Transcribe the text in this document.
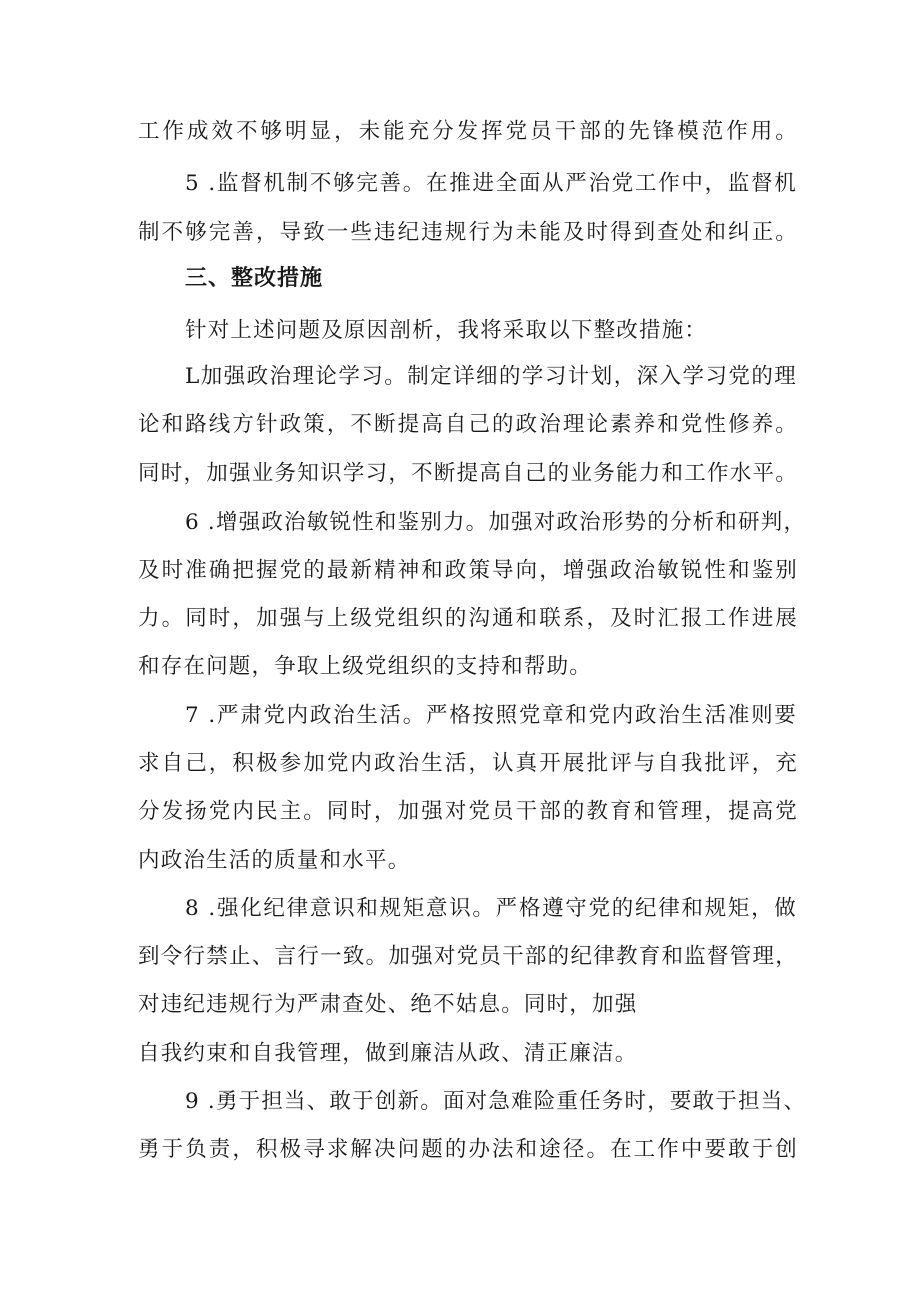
工作成效不够明显，未能充分发挥党员干部的先锋模范作用。
5 .监督机制不够完善。在推进全面从严治党工作中，监督机
制不够完善，导致一些违纪违规行为未能及时得到查处和纠正。
三、整改措施
针对上述问题及原因剖析，我将采取以下整改措施：
L加强政治理论学习。制定详细的学习计划，深入学习党的理
论和路线方针政策，不断提高自己的政治理论素养和党性修养。
同时，加强业务知识学习，不断提高自己的业务能力和工作水平。
6 .增强政治敏锐性和鉴别力。加强对政治形势的分析和研判，
及时准确把握党的最新精神和政策导向，增强政治敏锐性和鉴别
力。同时，加强与上级党组织的沟通和联系，及时汇报工作进展
和存在问题，争取上级党组织的支持和帮助。
7 .严肃党内政治生活。严格按照党章和党内政治生活准则要
求自己，积极参加党内政治生活，认真开展批评与自我批评，充
分发扬党内民主。同时，加强对党员干部的教育和管理，提高党
内政治生活的质量和水平。
8 .强化纪律意识和规矩意识。严格遵守党的纪律和规矩，做
到令行禁止、言行一致。加强对党员干部的纪律教育和监督管理，
对违纪违规行为严肃查处、绝不姑息。同时，加强
自我约束和自我管理，做到廉洁从政、清正廉洁。
9 .勇于担当、敢于创新。面对急难险重任务时，要敢于担当、
勇于负责，积极寻求解决问题的办法和途径。在工作中要敢于创
